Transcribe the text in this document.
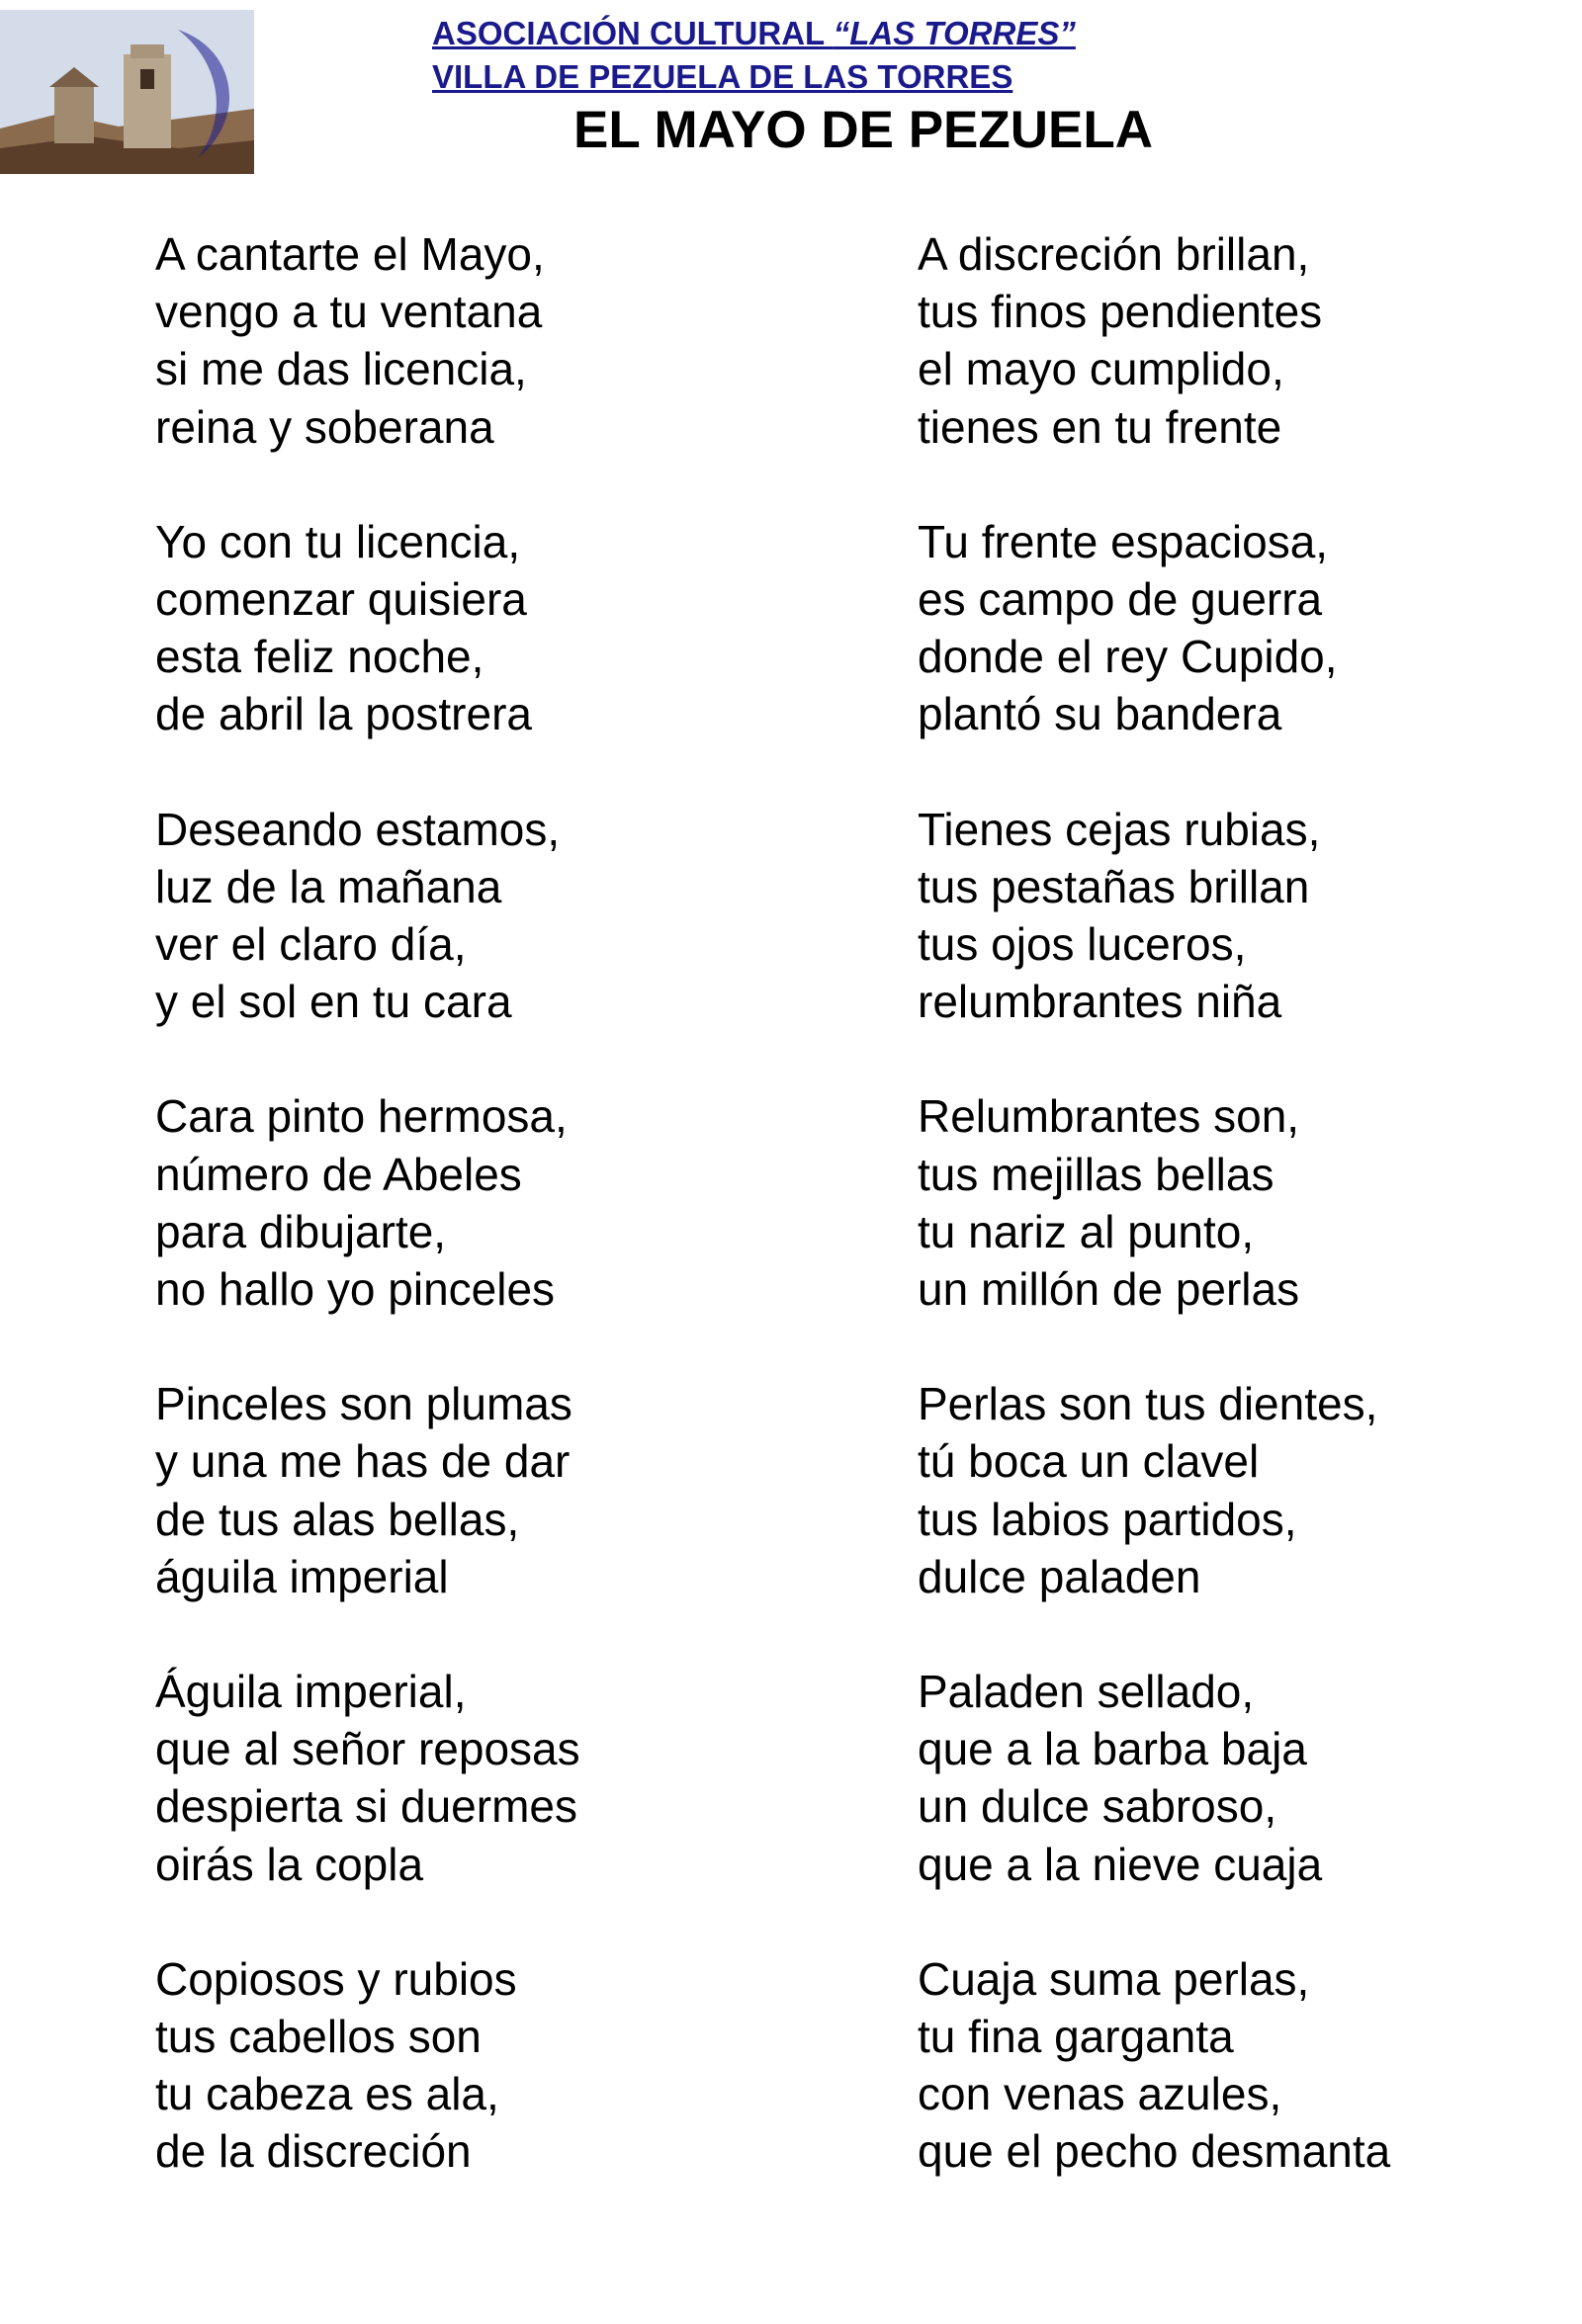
ASOCIACIÓN CULTURAL “LAS TORRES”
VILLA DE PEZUELA DE LAS TORRES
EL MAYO DE PEZUELA
A cantarte el Mayo,
vengo a tu ventana
si me das licencia,
reina y soberana
Yo con tu licencia,
comenzar quisiera
esta feliz noche,
de abril la postrera
Deseando estamos,
luz de la mañana
ver el claro día,
y el sol en tu cara
Cara pinto hermosa,
número de Abeles
para dibujarte,
no hallo yo pinceles
Pinceles son plumas
y una me has de dar
de tus alas bellas,
águila imperial
Águila imperial,
que al señor reposas
despierta si duermes
oirás la copla
Copiosos y rubios
tus cabellos son
tu cabeza es ala,
de la discreción
A discreción brillan,
tus finos pendientes
el mayo cumplido,
tienes en tu frente
Tu frente espaciosa,
es campo de guerra
donde el rey Cupido,
plantó su bandera
Tienes cejas rubias,
tus pestañas brillan
tus ojos luceros,
relumbrantes niña
Relumbrantes son,
tus mejillas bellas
tu nariz al punto,
un millón de perlas
Perlas son tus dientes,
tú boca un clavel
tus labios partidos,
dulce paladen
Paladen sellado,
que a la barba baja
un dulce sabroso,
que a la nieve cuaja
Cuaja suma perlas,
tu fina garganta
con venas azules,
que el pecho desmanta
